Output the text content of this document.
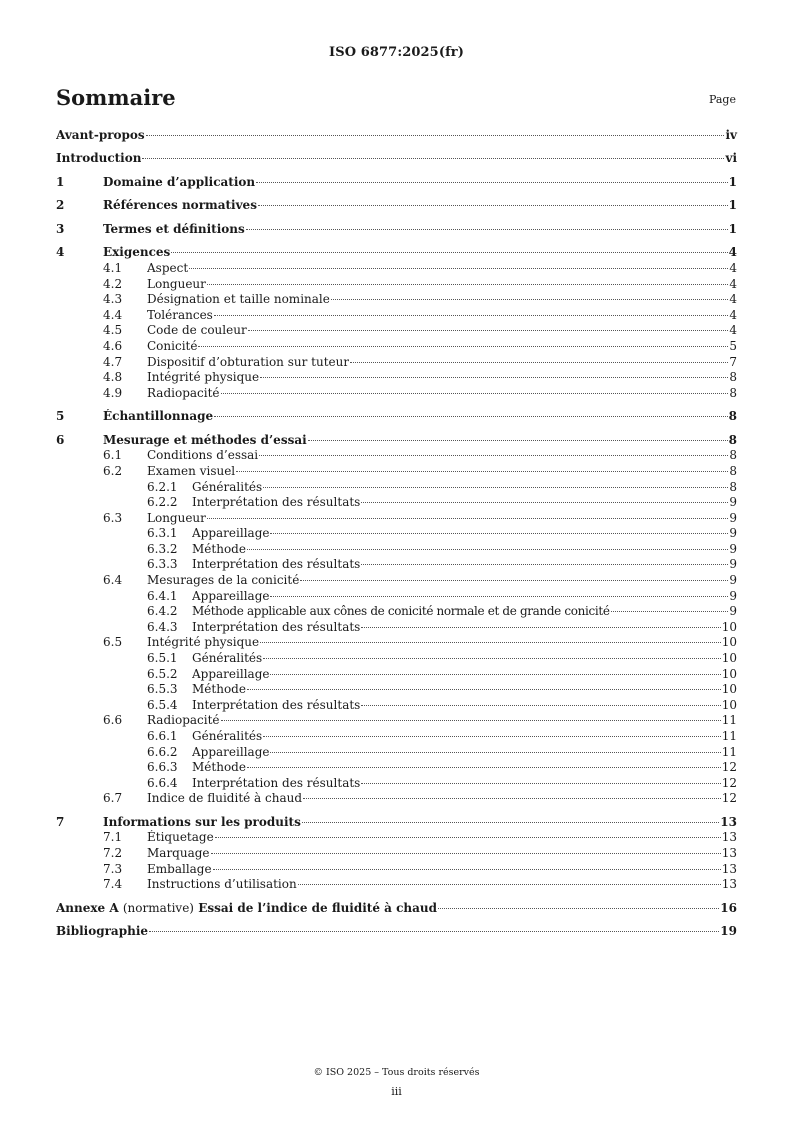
ISO 6877:2025(fr)
Sommaire	Page
Avant-propos	iv
Introduction	vi
1	Domaine d’application	1
2	Références normatives	1
3	Termes et définitions	1
4	Exigences	4
4.1	Aspect	4
4.2	Longueur	4
4.3	Désignation et taille nominale	4
4.4	Tolérances	4
4.5	Code de couleur	4
4.6	Conicité	5
4.7	Dispositif d’obturation sur tuteur	7
4.8	Intégrité physique	8
4.9	Radiopacité	8
5	Échantillonnage	8
6	Mesurage et méthodes d’essai	8
6.1	Conditions d’essai	8
6.2	Examen visuel	8
6.2.1	Généralités	8
6.2.2	Interprétation des résultats	9
6.3	Longueur	9
6.3.1	Appareillage	9
6.3.2	Méthode	9
6.3.3	Interprétation des résultats	9
6.4	Mesurages de la conicité	9
6.4.1	Appareillage	9
6.4.2	Méthode applicable aux cônes de conicité normale et de grande conicité	9
6.4.3	Interprétation des résultats	10
6.5	Intégrité physique	10
6.5.1	Généralités	10
6.5.2	Appareillage	10
6.5.3	Méthode	10
6.5.4	Interprétation des résultats	10
6.6	Radiopacité	11
6.6.1	Généralités	11
6.6.2	Appareillage	11
6.6.3	Méthode	12
6.6.4	Interprétation des résultats	12
6.7	Indice de fluidité à chaud	12
7	Informations sur les produits	13
7.1	Étiquetage	13
7.2	Marquage	13
7.3	Emballage	13
7.4	Instructions d’utilisation	13
Annexe A (normative) Essai de l’indice de fluidité à chaud	16
Bibliographie	19
© ISO 2025 – Tous droits réservés
iii
